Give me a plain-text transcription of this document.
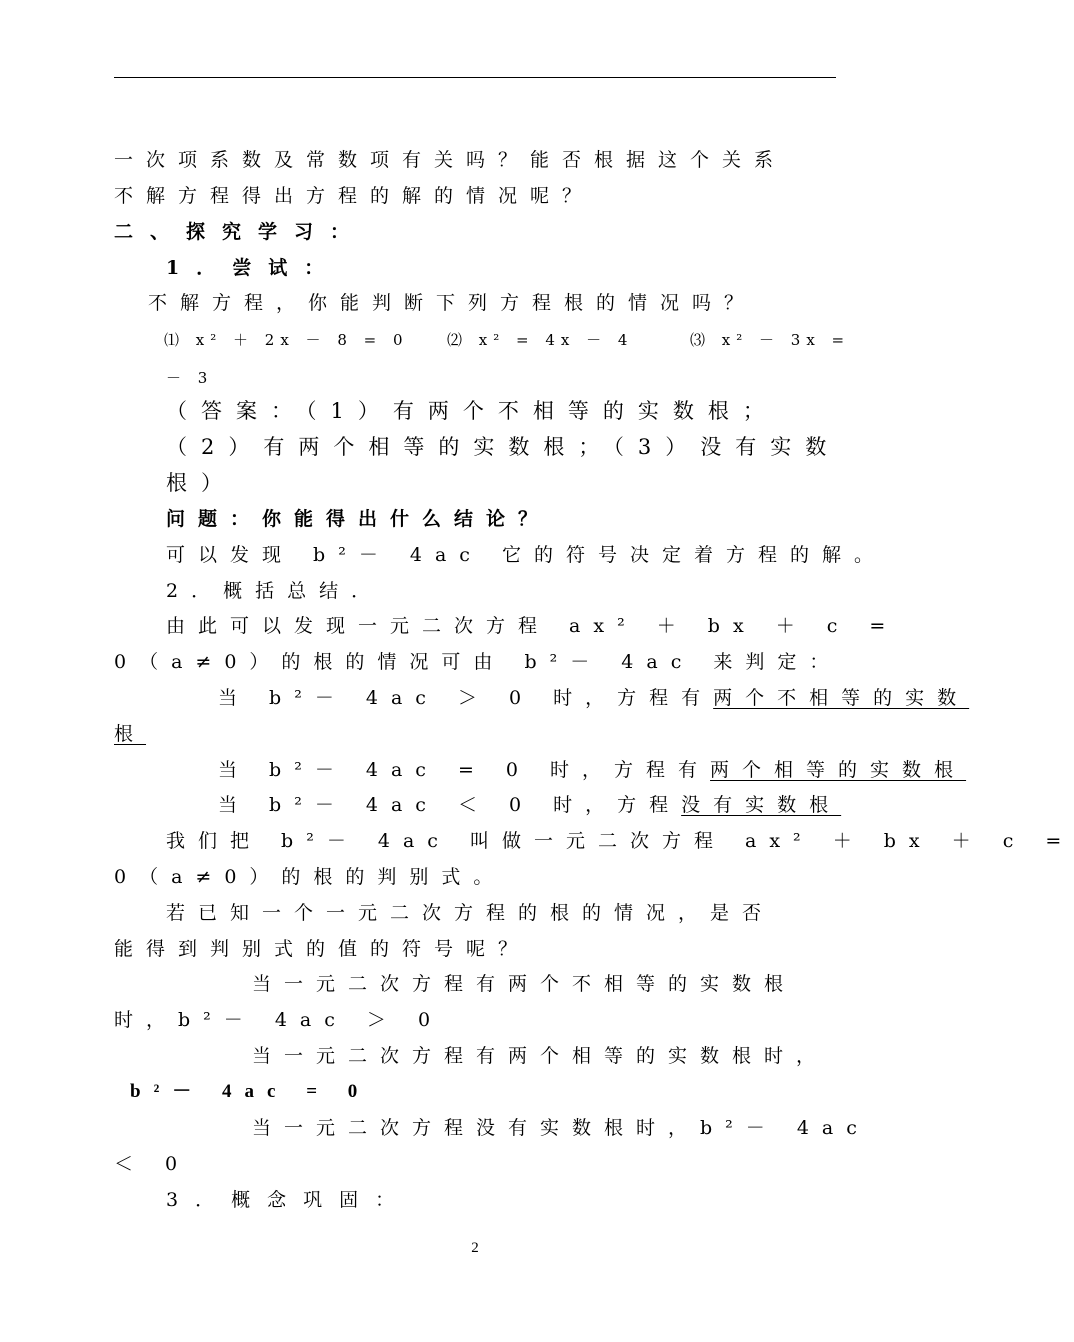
一次项系数及常数项有关吗？能否根据这个关系
不解方程得出方程的解的情况呢？
二、探究学习：
1．尝试：
不解方程，你能判断下列方程根的情况吗？
⑴ x² ＋ 2x － 8 = 0	⑵ x² = 4x － 4	⑶ x² － 3x =
－ 3
（答案：（1）有两个不相等的实数根；
（2）有两个相等的实数根；（3）没有实数
根）
问题：你能得出什么结论？
可以发现 b²－ 4ac 它的符号决定着方程的解。
2．概括总结．
由此可以发现一元二次方程 ax² ＋ bx ＋ c =
0（a≠0）的根的情况可由 b²－ 4ac 来判定：
当 b²－ 4ac ＞ 0 时，方程有两个不相等的实数
根
当 b²－ 4ac = 0 时，方程有两个相等的实数根
当 b²－ 4ac ＜ 0 时，方程没有实数根
我们把 b²－ 4ac 叫做一元二次方程 ax² ＋ bx ＋ c =
0（a≠0）的根的判别式。
若已知一个一元二次方程的根的情况，是否
能得到判别式的值的符号呢？
当一元二次方程有两个不相等的实数根
时，b²－ 4ac ＞ 0
当一元二次方程有两个相等的实数根时，
b²－ 4ac = 0
当一元二次方程没有实数根时，b²－ 4ac
＜ 0
3．概念巩固：
2
